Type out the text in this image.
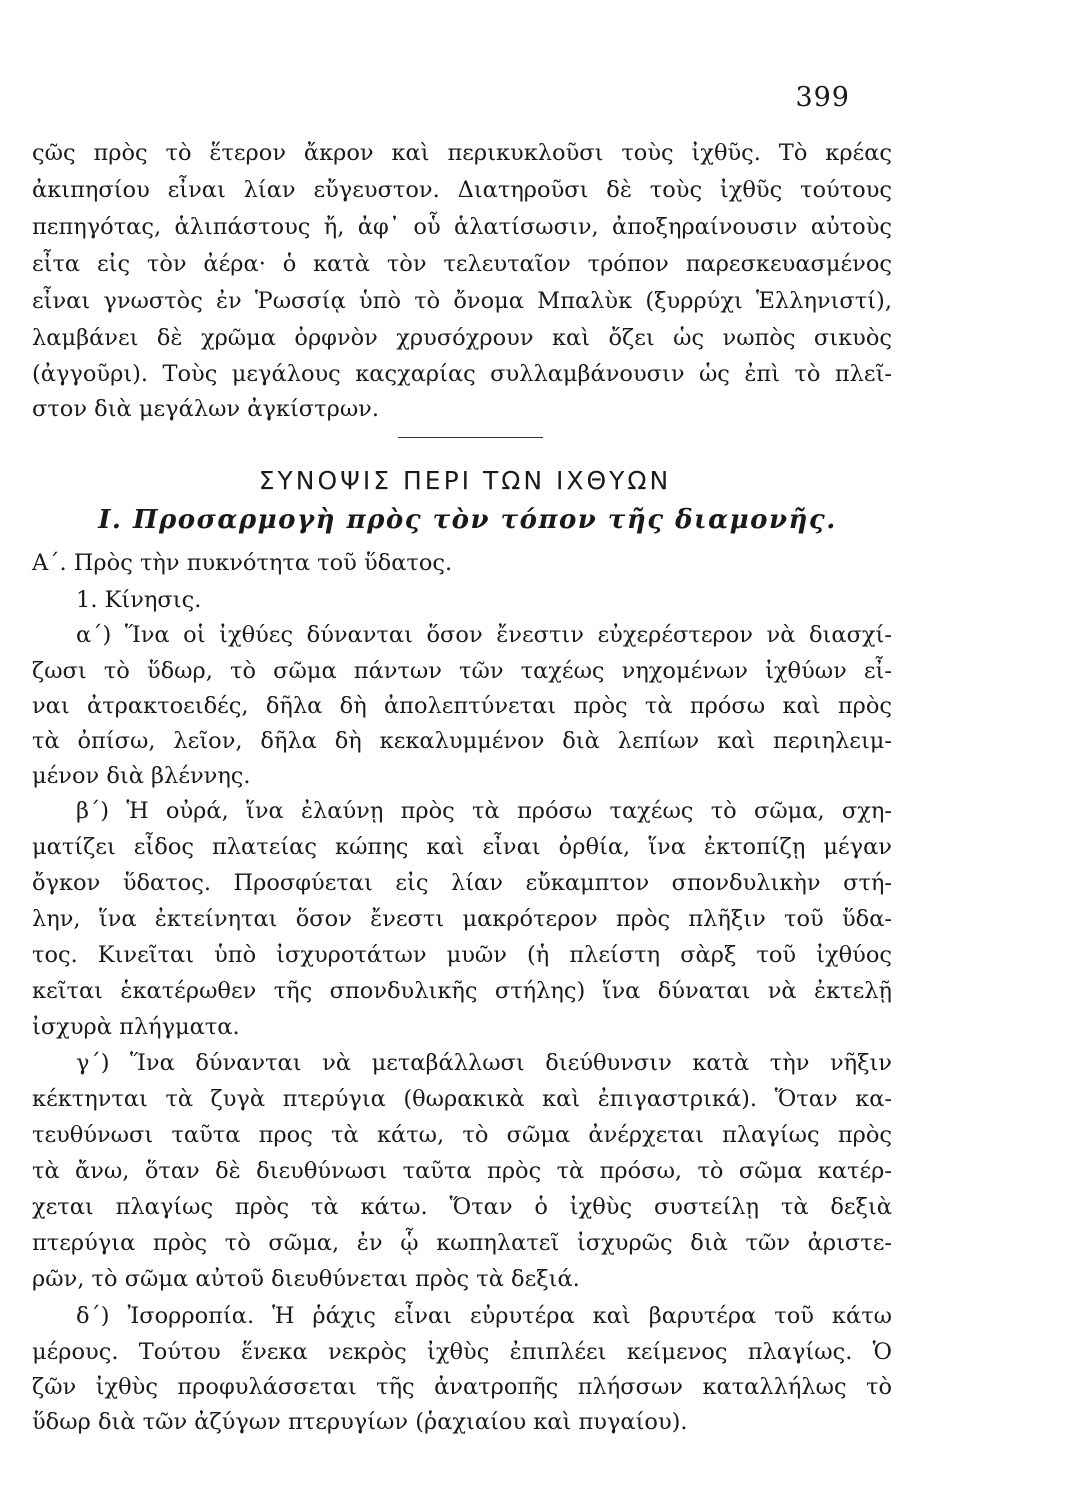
399
ςῶς πρὸς τὸ ἕτερον ἄκρον καὶ περικυκλοῦσι τοὺς ἰχθῦς. Τὸ κρέας
ἀκιπησίου εἶναι λίαν εὔγευστον. Διατηροῦσι δὲ τοὺς ἰχθῦς τούτους
πεπηγότας, ἁλιπάστους ἤ, ἀφ᾿ οὗ ἁλατίσωσιν, ἀποξηραίνουσιν αὐτοὺς
εἶτα εἰς τὸν ἀέρα· ὁ κατὰ τὸν τελευταῖον τρόπον παρεσκευασμένος
εἶναι γνωστὸς ἐν Ῥωσσίᾳ ὑπὸ τὸ ὄνομα Μπαλὺκ (ξυρρύχι Ἑλληνιστί),
λαμβάνει δὲ χρῶμα ὀρφνὸν χρυσόχρουν καὶ ὄζει ὡς νωπὸς σικυὸς
(ἀγγοῦρι). Τοὺς μεγάλους καςχαρίας συλλαμβάνουσιν ὡς ἐπὶ τὸ πλεῖ-
στον διὰ μεγάλων ἀγκίστρων.
ΣΥΝΟΨΙΣ ΠΕΡΙ ΤΩΝ ΙΧΘΥΩΝ
I. Προσαρμογὴ πρὸς τὸν τόπον τῆς διαμονῆς.
Α΄. Πρὸς τὴν πυκνότητα τοῦ ὕδατος.
1. Κίνησις.
α΄) Ἵνα οἱ ἰχθύες δύνανται ὅσον ἔνεστιν εὐχερέστερον νὰ διασχί-
ζωσι τὸ ὕδωρ, τὸ σῶμα πάντων τῶν ταχέως νηχομένων ἰχθύων εἶ-
ναι ἀτρακτοειδές, δῆλα δὴ ἀπολεπτύνεται πρὸς τὰ πρόσω καὶ πρὸς
τὰ ὀπίσω, λεῖον, δῆλα δὴ κεκαλυμμένον διὰ λεπίων καὶ περιηλειμ-
μένον διὰ βλέννης.
β΄) Ἡ οὐρά, ἵνα ἐλαύνῃ πρὸς τὰ πρόσω ταχέως τὸ σῶμα, σχη-
ματίζει εἶδος πλατείας κώπης καὶ εἶναι ὀρθία, ἵνα ἐκτοπίζῃ μέγαν
ὄγκον ὕδατος. Προσφύεται εἰς λίαν εὔκαμπτον σπονδυλικὴν στή-
λην, ἵνα ἐκτείνηται ὅσον ἔνεστι μακρότερον πρὸς πλῆξιν τοῦ ὕδα-
τος. Κινεῖται ὑπὸ ἰσχυροτάτων μυῶν (ἡ πλείστη σὰρξ τοῦ ἰχθύος
κεῖται ἑκατέρωθεν τῆς σπονδυλικῆς στήλης) ἵνα δύναται νὰ ἐκτελῇ
ἰσχυρὰ πλήγματα.
γ΄) Ἵνα δύνανται νὰ μεταβάλλωσι διεύθυνσιν κατὰ τὴν νῆξιν
κέκτηνται τὰ ζυγὰ πτερύγια (θωρακικὰ καὶ ἐπιγαστρικά). Ὅταν κα-
τευθύνωσι ταῦτα προς τὰ κάτω, τὸ σῶμα ἀνέρχεται πλαγίως πρὸς
τὰ ἄνω, ὅταν δὲ διευθύνωσι ταῦτα πρὸς τὰ πρόσω, τὸ σῶμα κατέρ-
χεται πλαγίως πρὸς τὰ κάτω. Ὅταν ὁ ἰχθὺς συστείλῃ τὰ δεξιὰ
πτερύγια πρὸς τὸ σῶμα, ἐν ᾧ κωπηλατεῖ ἰσχυρῶς διὰ τῶν ἀριστε-
ρῶν, τὸ σῶμα αὐτοῦ διευθύνεται πρὸς τὰ δεξιά.
δ΄) Ἰσορροπία. Ἡ ῥάχις εἶναι εὐρυτέρα καὶ βαρυτέρα τοῦ κάτω
μέρους. Τούτου ἕνεκα νεκρὸς ἰχθὺς ἐπιπλέει κείμενος πλαγίως. Ὁ
ζῶν ἰχθὺς προφυλάσσεται τῆς ἀνατροπῆς πλήσσων καταλλήλως τὸ
ὕδωρ διὰ τῶν ἀζύγων πτερυγίων (ῥαχιαίου καὶ πυγαίου).
